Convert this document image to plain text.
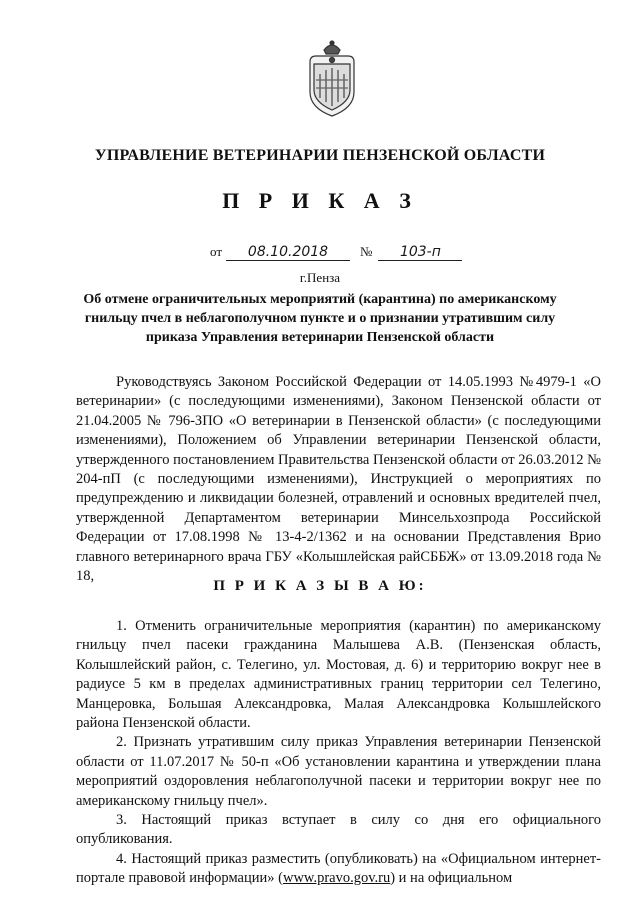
УПРАВЛЕНИЕ ВЕТЕРИНАРИИ ПЕНЗЕНСКОЙ ОБЛАСТИ
П Р И К А З
от 08.10.2018 № 103-п
г.Пенза
Об отмене ограничительных мероприятий (карантина) по американскому гнильцу пчел в неблагополучном пункте и о признании утратившим силу приказа Управления ветеринарии Пензенской области

Руководствуясь Законом Российской Федерации от 14.05.1993 №4979-1 «О ветеринарии» (с последующими изменениями), Законом Пензенской области от 21.04.2005 № 796-ЗПО «О ветеринарии в Пензенской области» (с последующими изменениями), Положением об Управлении ветеринарии Пензенской области, утвержденного постановлением Правительства Пензенской области от 26.03.2012 № 204-пП (с последующими изменениями), Инструкцией о мероприятиях по предупреждению и ликвидации болезней, отравлений и основных вредителей пчел, утвержденной Департаментом ветеринарии Минсельхозпрода Российской Федерации от 17.08.1998 № 13-4-2/1362 и на основании Представления Врио главного ветеринарного врача ГБУ «Колышлейская райСББЖ» от 13.09.2018 года № 18,

П Р И К А З Ы В А Ю:

1. Отменить ограничительные мероприятия (карантин) по американскому гнильцу пчел пасеки гражданина Малышева А.В. (Пензенская область, Колышлейский район, с. Телегино, ул. Мостовая, д. 6) и территорию вокруг нее в радиусе 5 км в пределах административных границ территории сел Телегино, Манцеровка, Большая Александровка, Малая Александровка Колышлейского района Пензенской области.

2. Признать утратившим силу приказ Управления ветеринарии Пензенской области от 11.07.2017 № 50-п «Об установлении карантина и утверждении плана мероприятий оздоровления неблагополучной пасеки и территории вокруг нее по американскому гнильцу пчел».

3. Настоящий приказ вступает в силу со дня его официального опубликования.

4. Настоящий приказ разместить (опубликовать) на «Официальном интернет-портале правовой информации» (www.pravo.gov.ru) и на официальном
